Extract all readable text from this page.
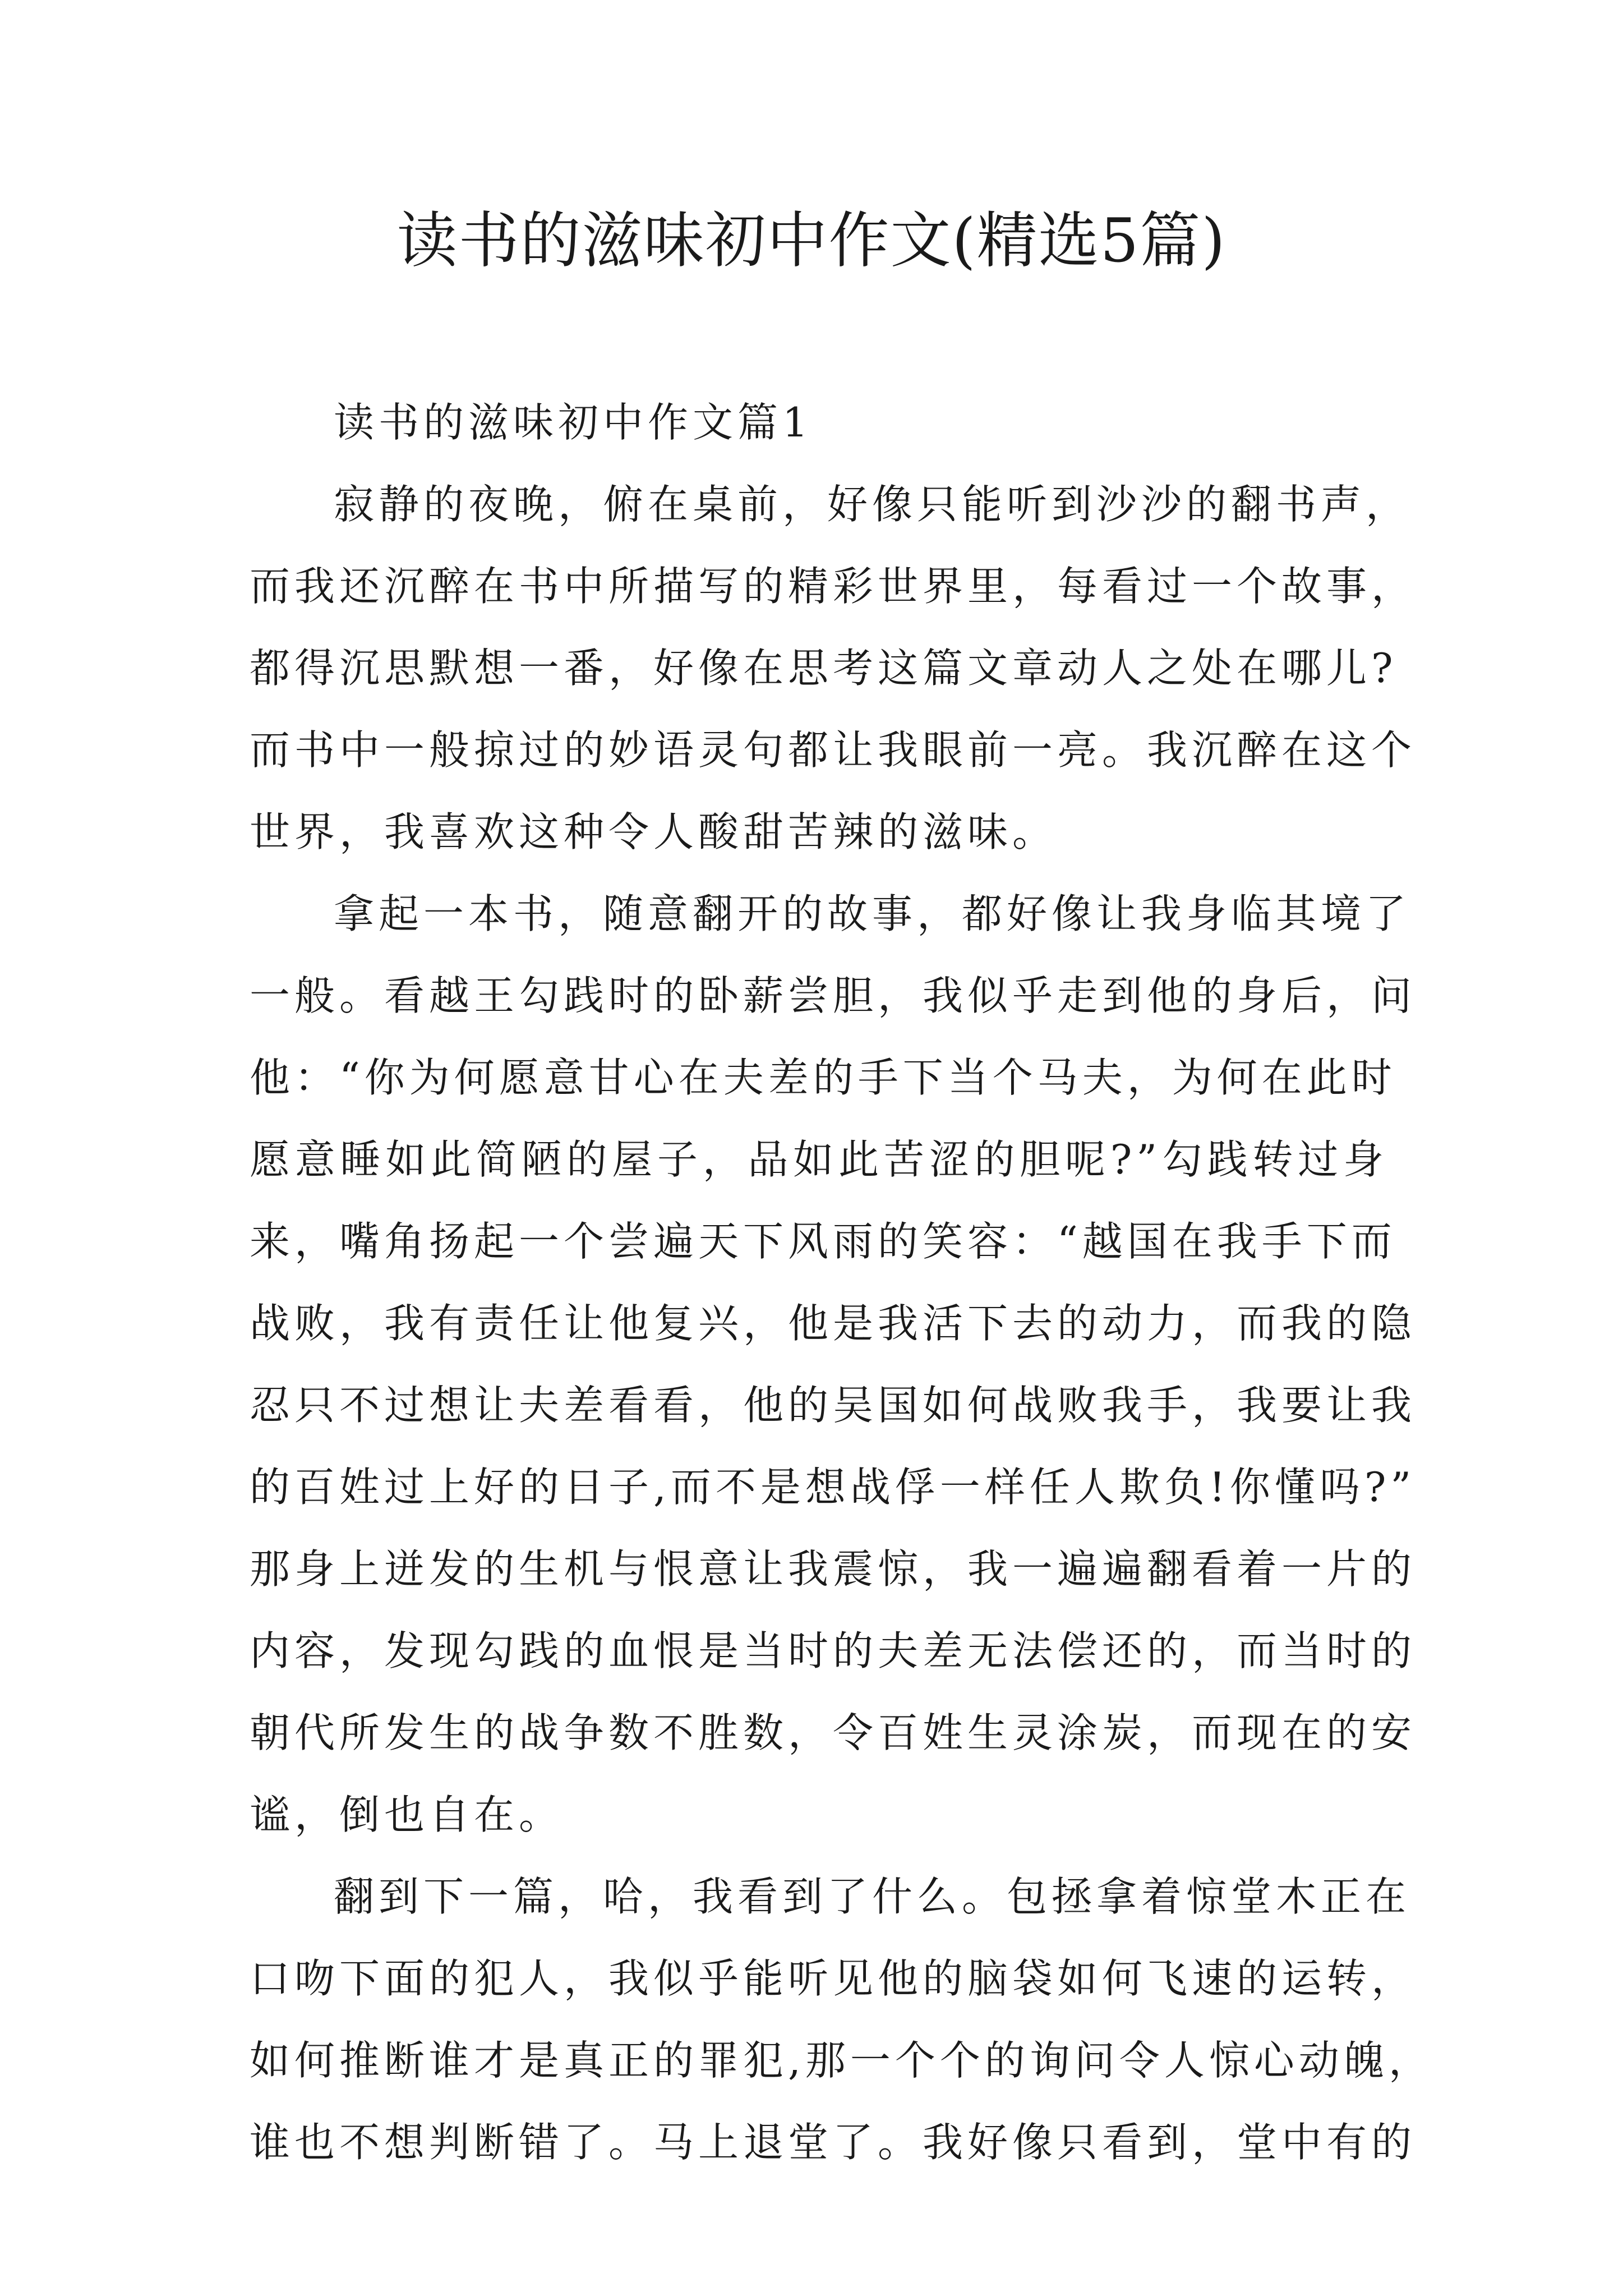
读书的滋味初中作文(精选5篇)
读书的滋味初中作文篇1
寂静的夜晚，俯在桌前，好像只能听到沙沙的翻书声，
而我还沉醉在书中所描写的精彩世界里，每看过一个故事，
都得沉思默想一番，好像在思考这篇文章动人之处在哪儿?
而书中一般掠过的妙语灵句都让我眼前一亮。我沉醉在这个
世界，我喜欢这种令人酸甜苦辣的滋味。
拿起一本书，随意翻开的故事，都好像让我身临其境了
一般。看越王勾践时的卧薪尝胆，我似乎走到他的身后，问
他：“你为何愿意甘心在夫差的手下当个马夫，为何在此时
愿意睡如此简陋的屋子，品如此苦涩的胆呢?”勾践转过身
来，嘴角扬起一个尝遍天下风雨的笑容：“越国在我手下而
战败，我有责任让他复兴，他是我活下去的动力，而我的隐
忍只不过想让夫差看看，他的吴国如何战败我手，我要让我
的百姓过上好的日子,而不是想战俘一样任人欺负!你懂吗?”
那身上迸发的生机与恨意让我震惊，我一遍遍翻看着一片的
内容，发现勾践的血恨是当时的夫差无法偿还的，而当时的
朝代所发生的战争数不胜数，令百姓生灵涂炭，而现在的安
谧，倒也自在。
翻到下一篇，哈，我看到了什么。包拯拿着惊堂木正在
口吻下面的犯人，我似乎能听见他的脑袋如何飞速的运转，
如何推断谁才是真正的罪犯,那一个个的询问令人惊心动魄，
谁也不想判断错了。马上退堂了。我好像只看到，堂中有的
